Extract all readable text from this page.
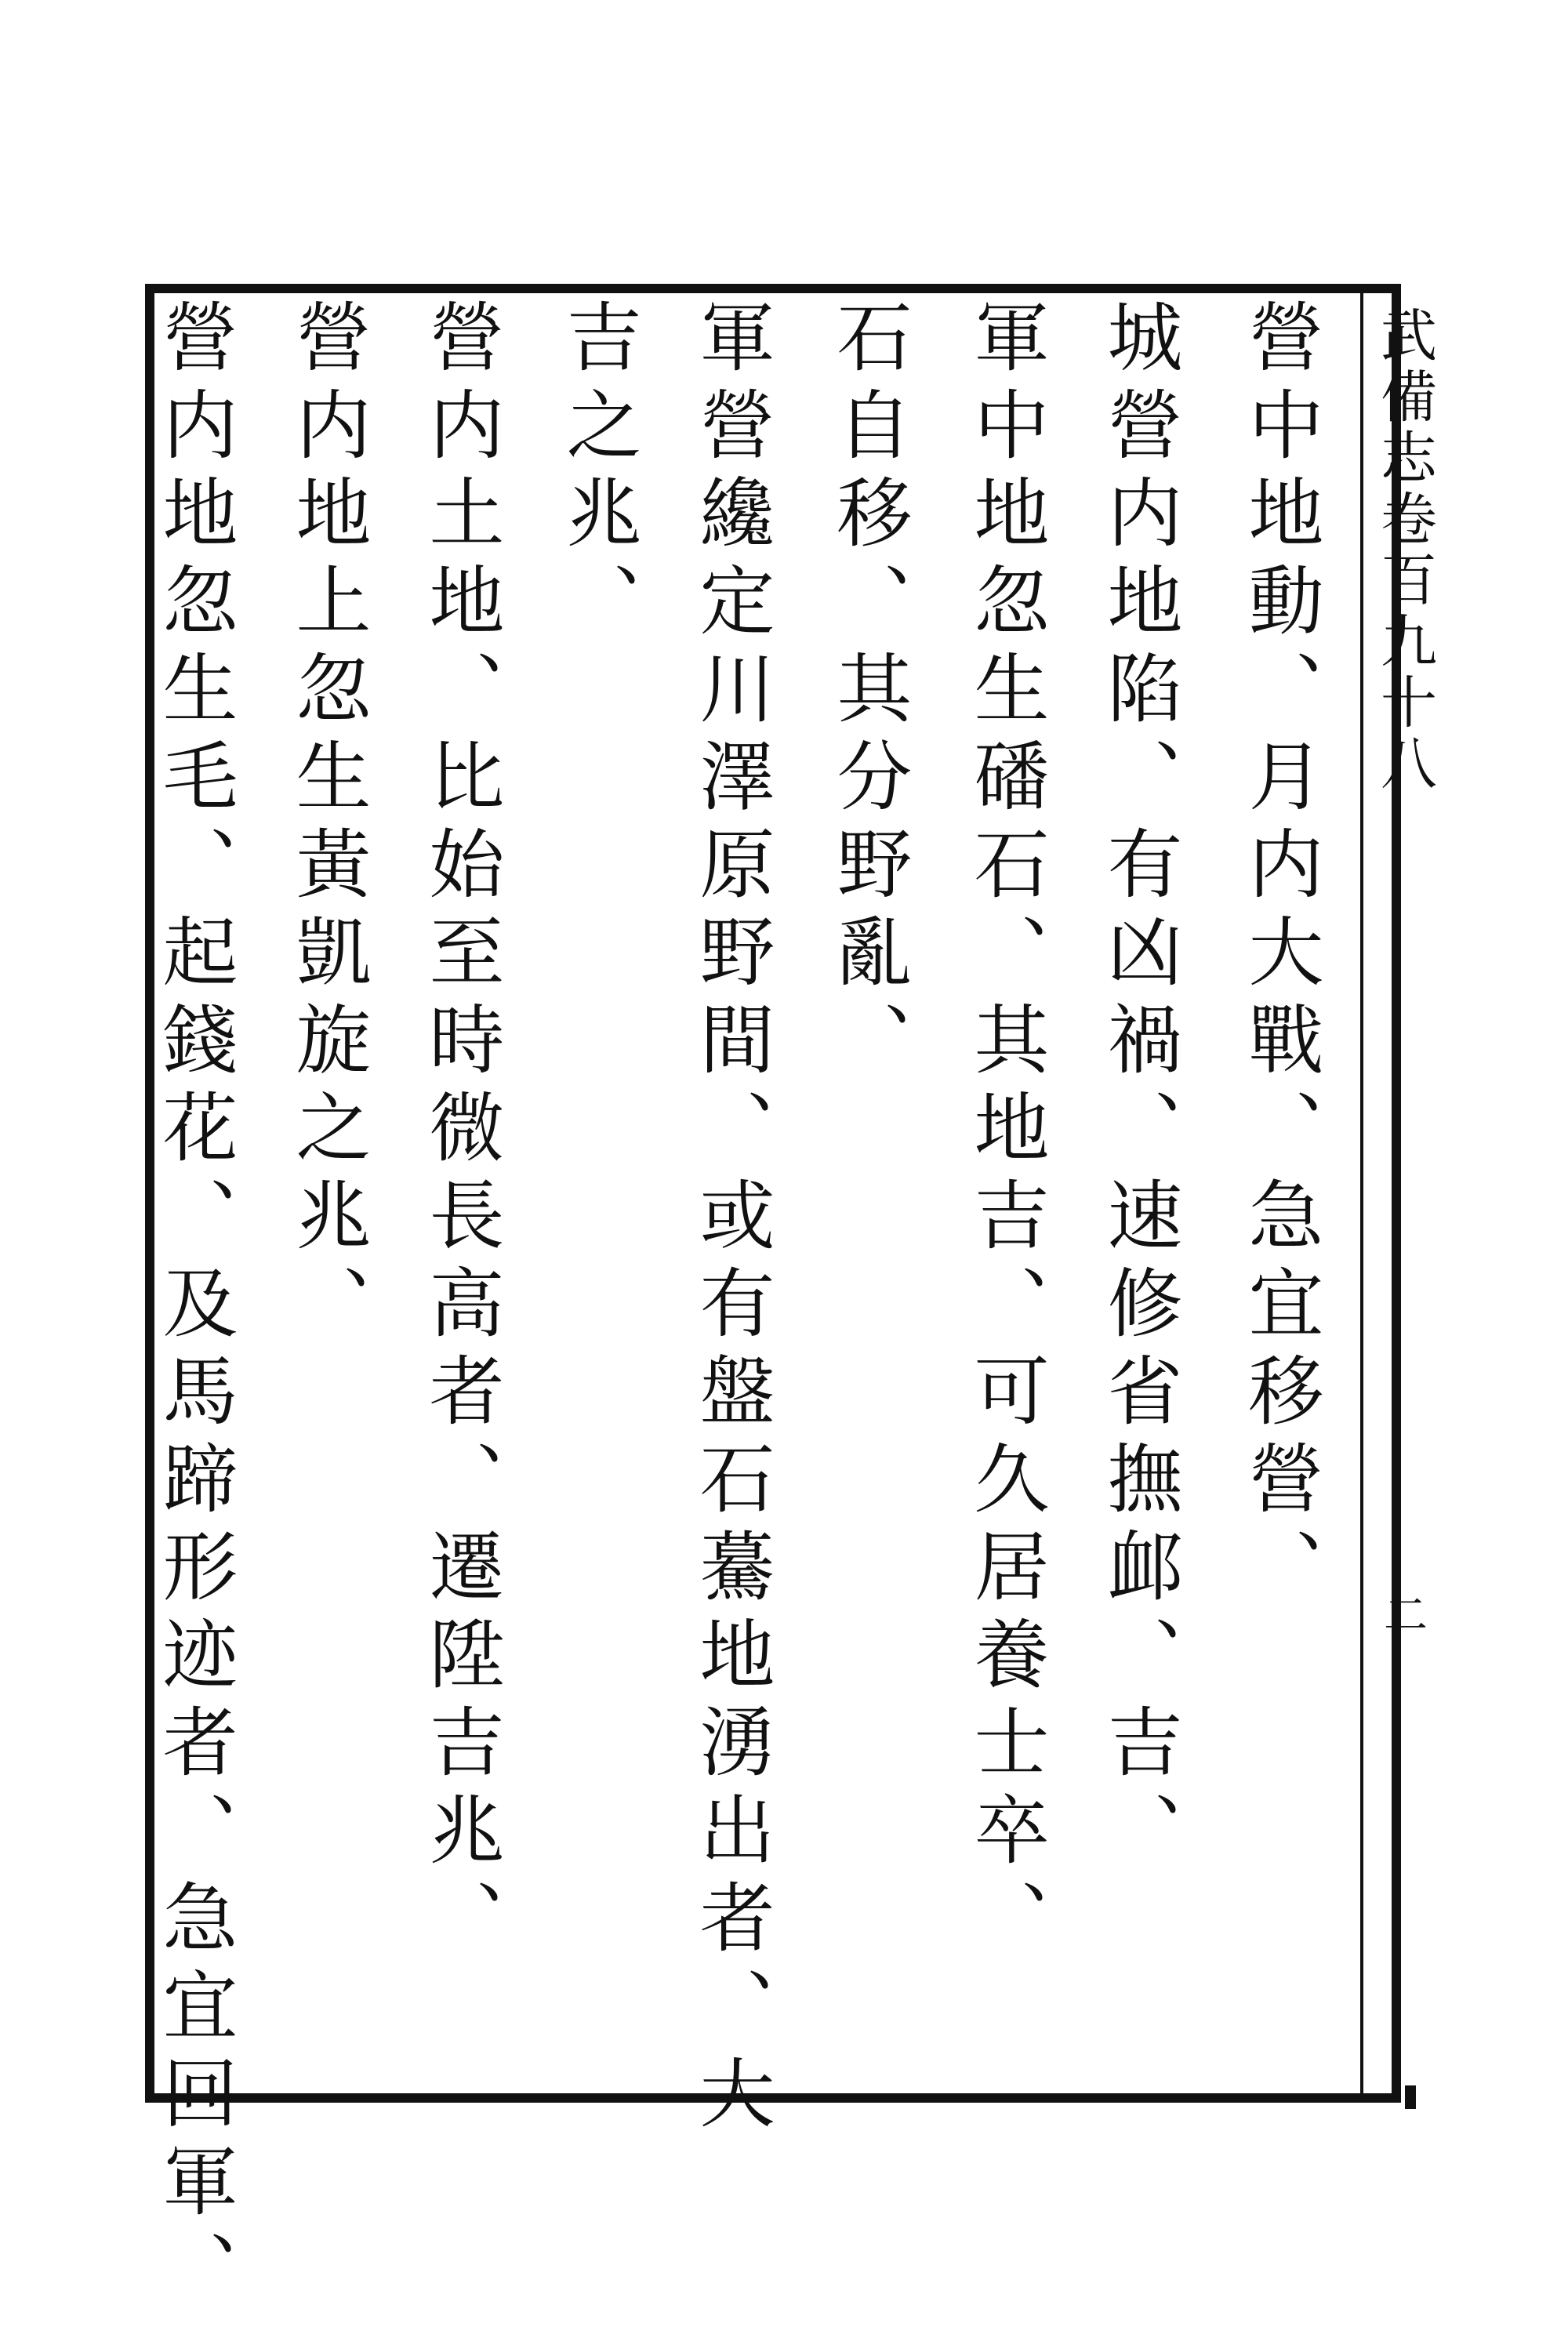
武備志卷百九十八
二
營中地動、月内大戰、急宜移營、
城營内地陷、有凶禍、速修省撫䘏、吉、
軍中地忽生磻石、其地吉、可久居養士卒、
石自移、其分野亂、
軍營纔定川澤原野間、或有盤石驀地湧出者、大
吉之兆、
營内土地、比始至時微長高者、遷陞吉兆、
營内地上忽生黃凱旋之兆、
營内地忽生毛、起錢花、及馬蹄形迹者、急宜回軍、
